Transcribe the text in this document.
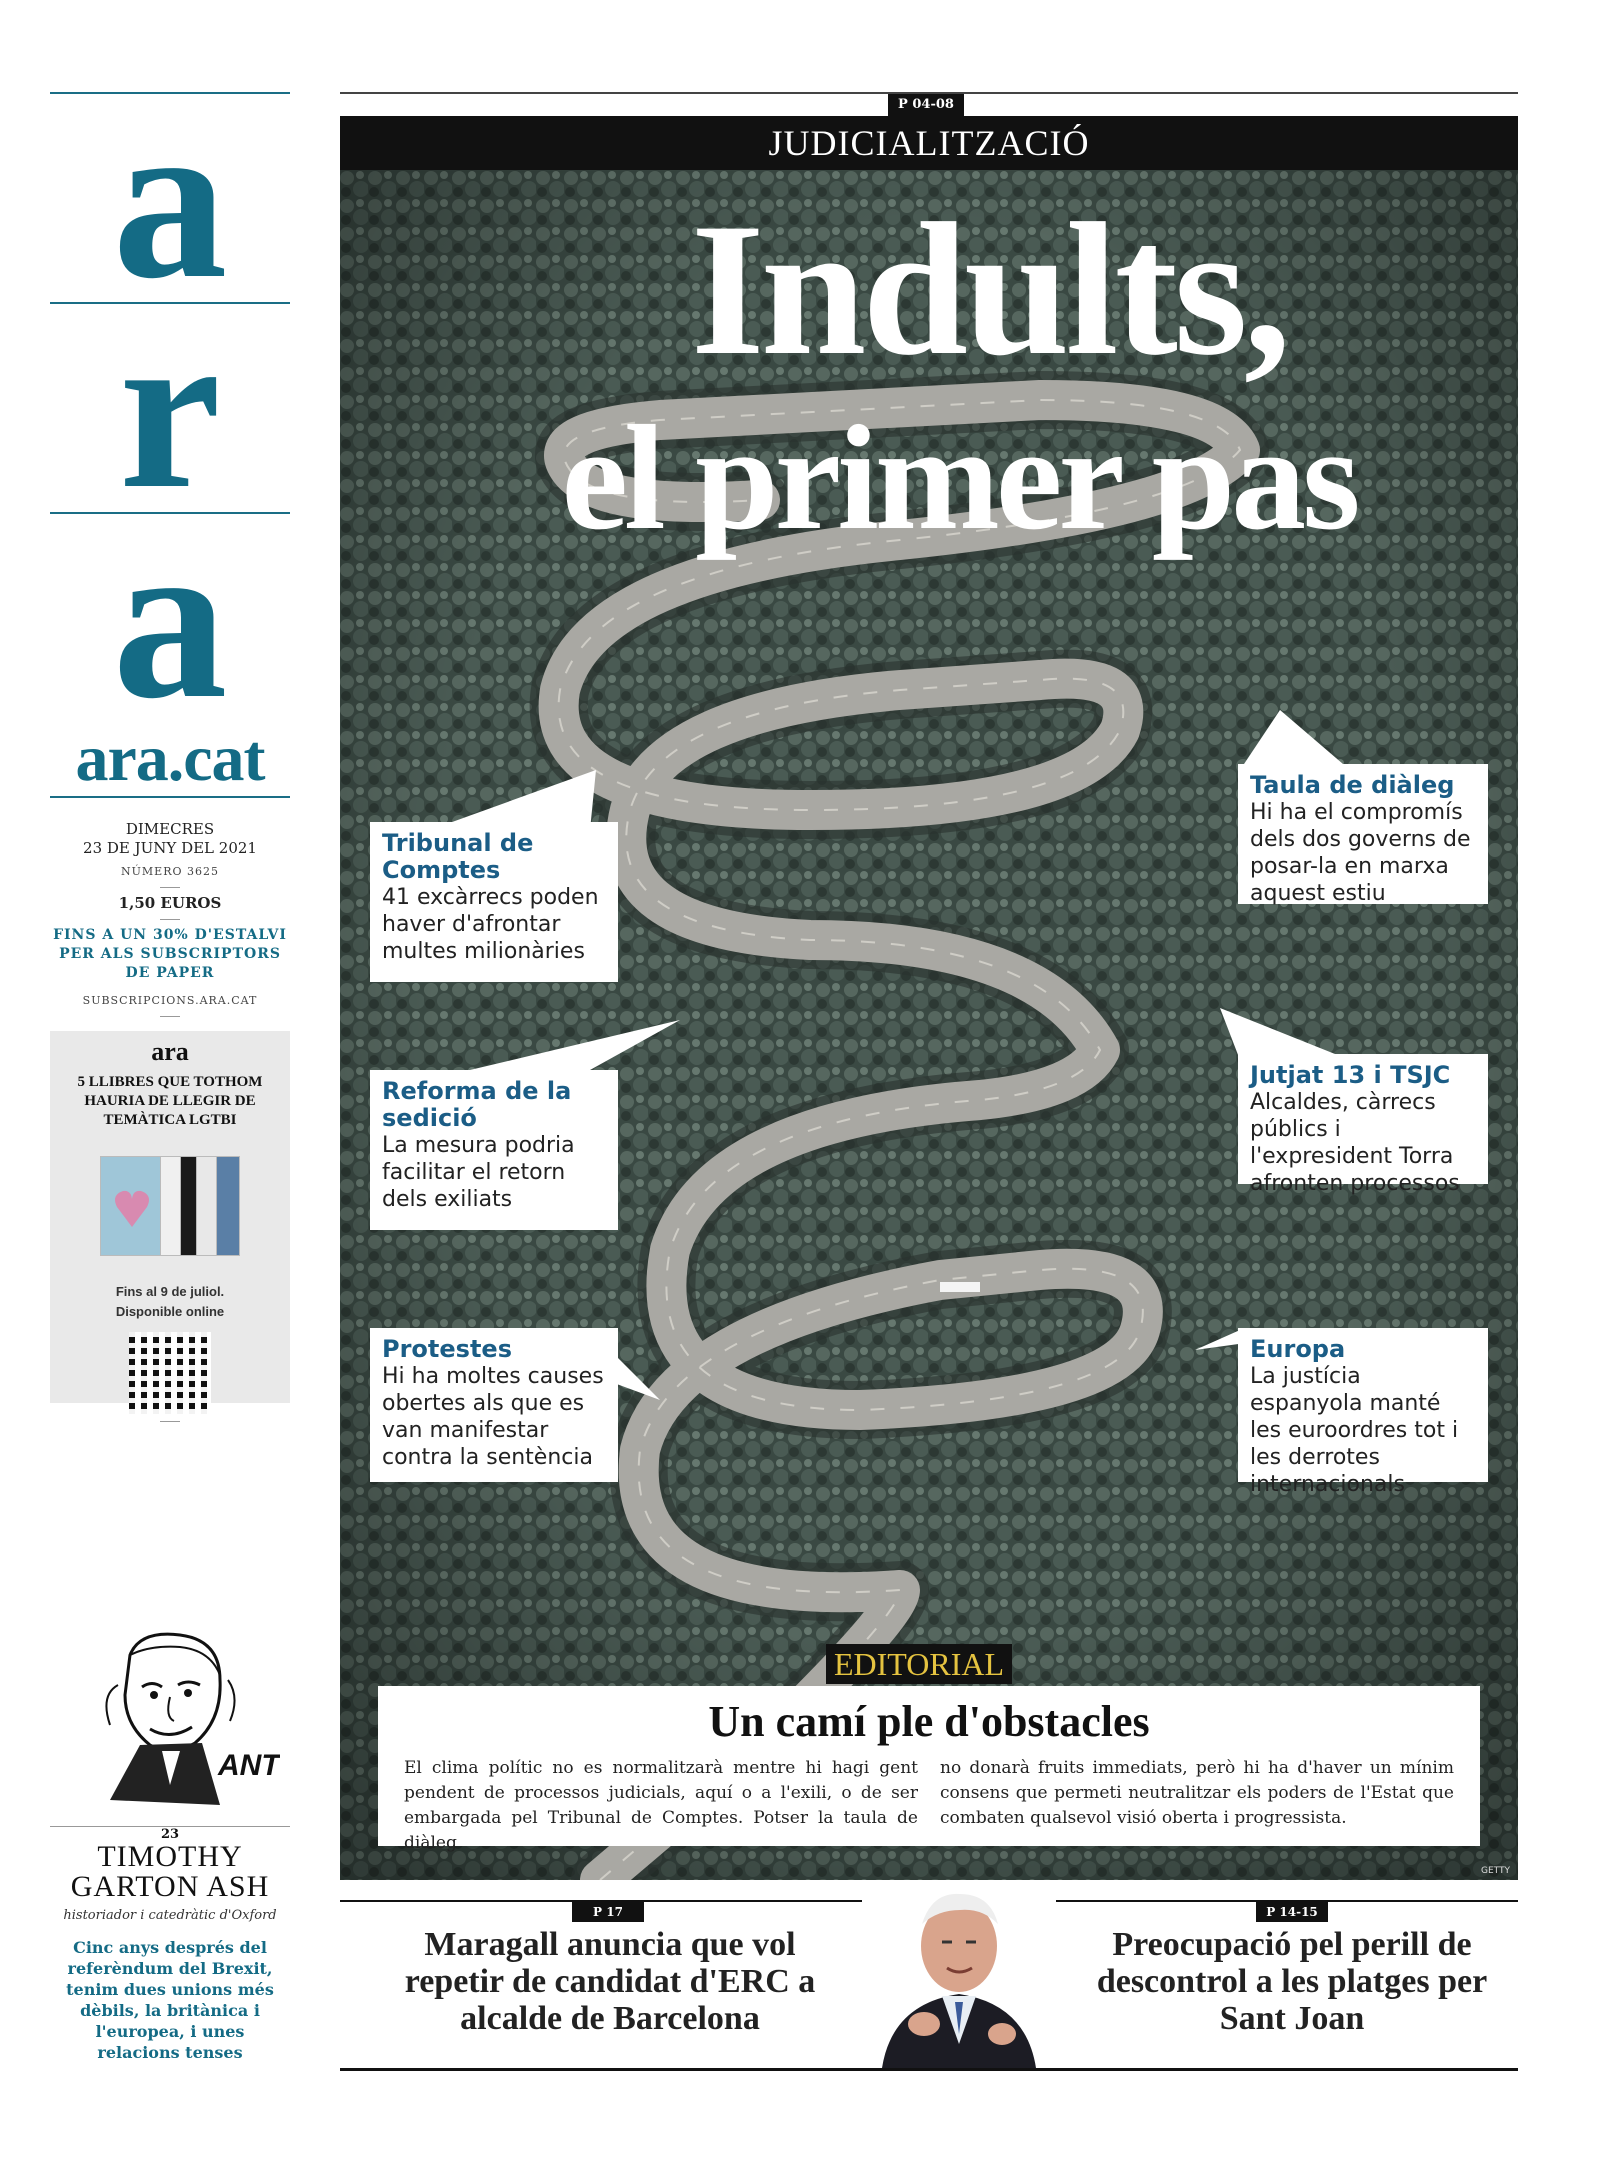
a
r
a
ara.cat
DIMECRES
23 DE JUNY DEL 2021
NÚMERO 3625
1,50 EUROS
FINS A UN 30% D'ESTALVI PER ALS SUBSCRIPTORS DE PAPER
SUBSCRIPCIONS.ARA.CAT
ara
5 LLIBRES QUE TOTHOM HAURIA DE LLEGIR DE TEMÀTICA LGTBI
Fins al 9 de juliol.
Disponible online
ANT
23
TIMOTHY
GARTON ASH
historiador i catedràtic d'Oxford
Cinc anys després del referèndum del Brexit, tenim dues unions més dèbils, la britànica i l'europea, i unes relacions tenses
P 04-08
JUDICIALITZACIÓ
Indults,
el primer pas
Tribunal de Comptes
41 excàrrecs poden haver d'afrontar multes milionàries
Taula de diàleg
Hi ha el compromís dels dos governs de posar-la en marxa aquest estiu
Reforma de la sedició
La mesura podria facilitar el retorn dels exiliats
Jutjat 13 i TSJC
Alcaldes, càrrecs públics i l'expresident Torra afronten processos
Protestes
Hi ha moltes causes obertes als que es van manifestar contra la sentència
Europa
La justícia espanyola manté les euroordres tot i les derrotes internacionals
GETTY
EDITORIAL
Un camí ple d'obstacles
El clima polític no es normalitzarà mentre hi hagi gent pendent de processos judicials, aquí o a l'exili, o de ser embargada pel Tribunal de Comptes. Potser la taula de diàleg
no donarà fruits immediats, però hi ha d'haver un mínim consens que permeti neutralitzar els poders de l'Estat que combaten qualsevol visió oberta i progressista.
P 17
Maragall anuncia que vol repetir de candidat d'ERC a alcalde de Barcelona
P 14-15
Preocupació pel perill de descontrol a les platges per Sant Joan
